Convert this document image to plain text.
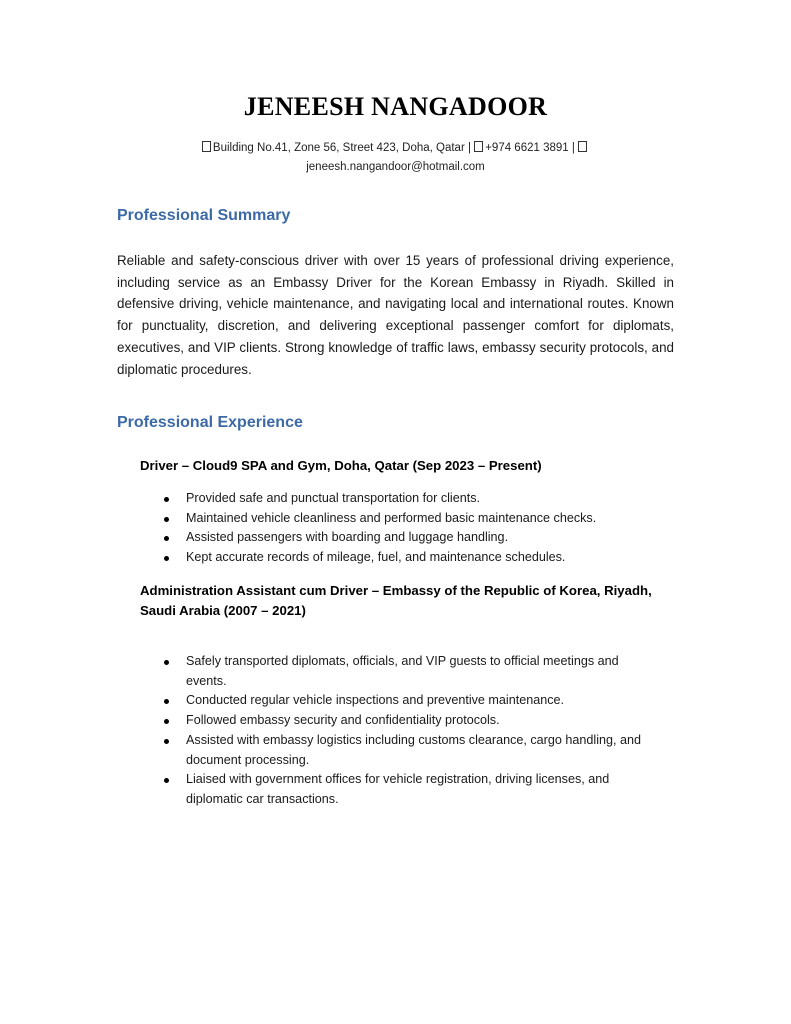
JENEESH NANGADOOR
Building No.41, Zone 56, Street 423, Doha, Qatar | +974 6621 3891 |
jeneesh.nangandoor@hotmail.com
Professional Summary

Reliable and safety-conscious driver with over 15 years of professional driving experience, including service as an Embassy Driver for the Korean Embassy in Riyadh. Skilled in defensive driving, vehicle maintenance, and navigating local and international routes. Known for punctuality, discretion, and delivering exceptional passenger comfort for diplomats, executives, and VIP clients. Strong knowledge of traffic laws, embassy security protocols, and diplomatic procedures.

Professional Experience
Driver – Cloud9 SPA and Gym, Doha, Qatar (Sep 2023 – Present)
Provided safe and punctual transportation for clients.
Maintained vehicle cleanliness and performed basic maintenance checks.
Assisted passengers with boarding and luggage handling.
Kept accurate records of mileage, fuel, and maintenance schedules.
Administration Assistant cum Driver – Embassy of the Republic of Korea, Riyadh, Saudi Arabia (2007 – 2021)
Safely transported diplomats, officials, and VIP guests to official meetings and events.
Conducted regular vehicle inspections and preventive maintenance.
Followed embassy security and confidentiality protocols.
Assisted with embassy logistics including customs clearance, cargo handling, and document processing.
Liaised with government offices for vehicle registration, driving licenses, and diplomatic car transactions.
